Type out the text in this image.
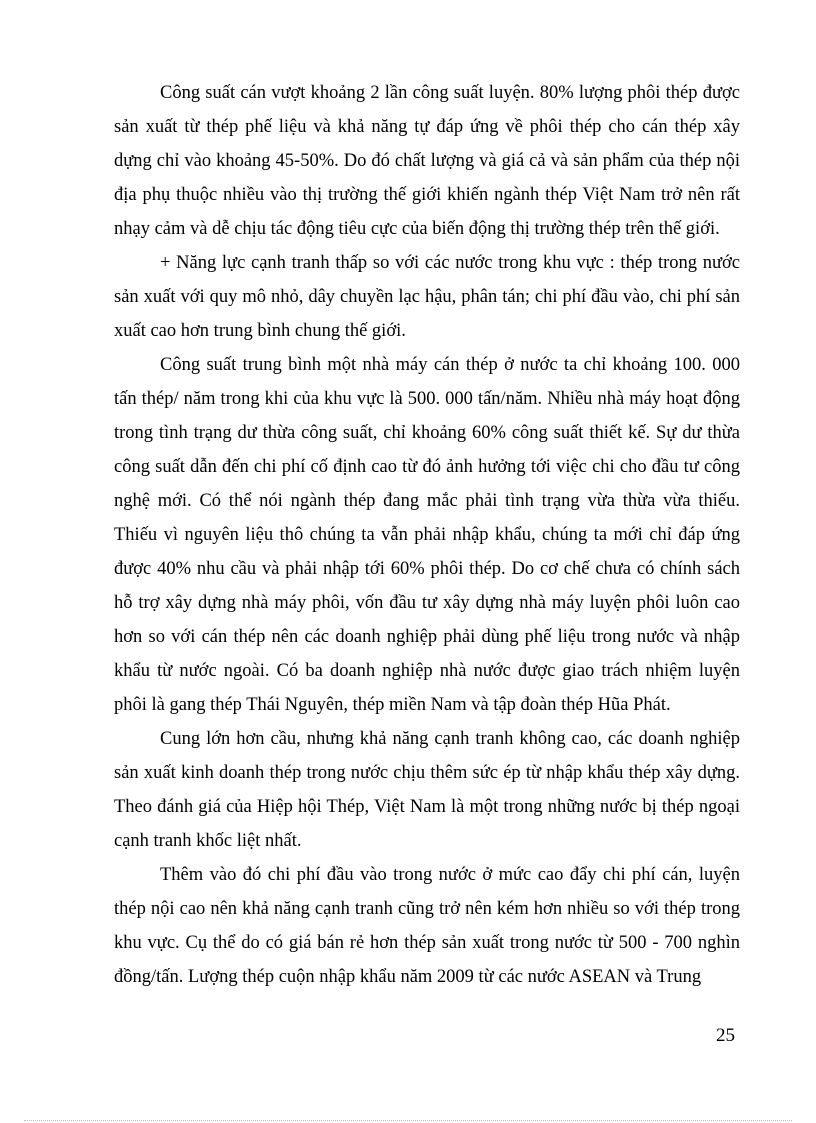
Công suất cán vượt khoảng 2 lần công suất luyện. 80% lượng phôi thép được sản xuất từ thép phế liệu và khả năng tự đáp ứng về phôi thép cho cán thép xây dựng chỉ vào khoảng 45-50%. Do đó chất lượng và giá cả và sản phẩm của thép nội địa phụ thuộc nhiều vào thị trường thế giới khiến ngành thép Việt Nam trở nên rất nhạy cảm và dễ chịu tác động tiêu cực của biến động thị trường thép trên thế giới.

+ Năng lực cạnh tranh thấp so với các nước trong khu vực : thép trong nước sản xuất với quy mô nhỏ, dây chuyền lạc hậu, phân tán; chi phí đầu vào, chi phí sản xuất cao hơn trung bình chung thế giới.

Công suất trung bình một nhà máy cán thép ở nước ta chỉ khoảng 100. 000 tấn thép/ năm trong khi của khu vực là 500. 000 tấn/năm. Nhiều nhà máy hoạt động trong tình trạng dư thừa công suất, chỉ khoảng 60% công suất thiết kế. Sự dư thừa công suất dẫn đến chi phí cố định cao từ đó ảnh hưởng tới việc chi cho đầu tư công nghệ mới. Có thể nói ngành thép đang mắc phải tình trạng vừa thừa vừa thiếu. Thiếu vì nguyên liệu thô chúng ta vẫn phải nhập khẩu, chúng ta mới chỉ đáp ứng được 40% nhu cầu và phải nhập tới 60% phôi thép. Do cơ chế chưa có chính sách hỗ trợ xây dựng nhà máy phôi, vốn đầu tư xây dựng nhà máy luyện phôi luôn cao hơn so với cán thép nên các doanh nghiệp phải dùng phế liệu trong nước và nhập khẩu từ nước ngoài. Có ba doanh nghiệp nhà nước được giao trách nhiệm luyện phôi là gang thép Thái Nguyên, thép miền Nam và tập đoàn thép Hũa Phát.

Cung lớn hơn cầu, nhưng khả năng cạnh tranh không cao, các doanh nghiệp sản xuất kinh doanh thép trong nước chịu thêm sức ép từ nhập khẩu thép xây dựng. Theo đánh giá của Hiệp hội Thép, Việt Nam là một trong những nước bị thép ngoại cạnh tranh khốc liệt nhất.

Thêm vào đó chi phí đầu vào trong nước ở mức cao đẩy chi phí cán, luyện thép nội cao nên khả năng cạnh tranh cũng trở nên kém hơn nhiều so với thép trong khu vực. Cụ thể do có giá bán rẻ hơn thép sản xuất trong nước từ 500 - 700 nghìn đồng/tấn. Lượng thép cuộn nhập khẩu năm 2009 từ các nước ASEAN và Trung

25
